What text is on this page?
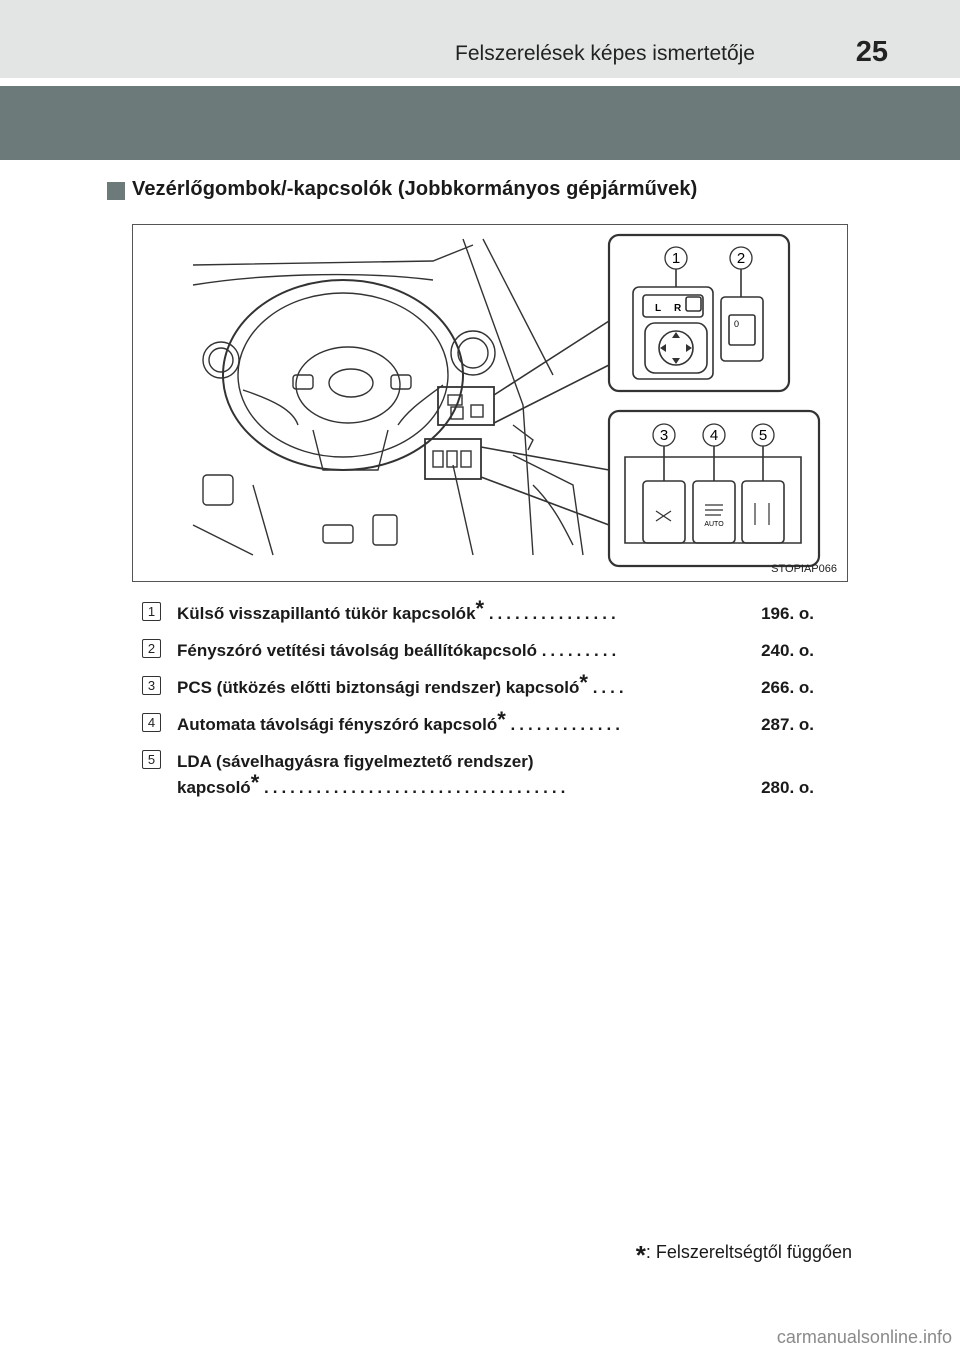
Felszerelések képes ismertetője	25
Vezérlőgombok/-kapcsolók (Jobbkormányos gépjárművek)
1	2
L R
0
3	4	5
AUTO
STOPIAP066
1	Külső visszapillantó tükör kapcsolók* ...............	196. o.
2	Fényszóró vetítési távolság beállítókapcsoló .........	240. o.
3	PCS (ütközés előtti biztonsági rendszer) kapcsoló* ....	266. o.
4	Automata távolsági fényszóró kapcsoló* .............	287. o.
5	LDA (sávelhagyásra figyelmeztető rendszer)
kapcsoló* ...................................	280. o.
*: Felszereltségtől függően
carmanualsonline.info
